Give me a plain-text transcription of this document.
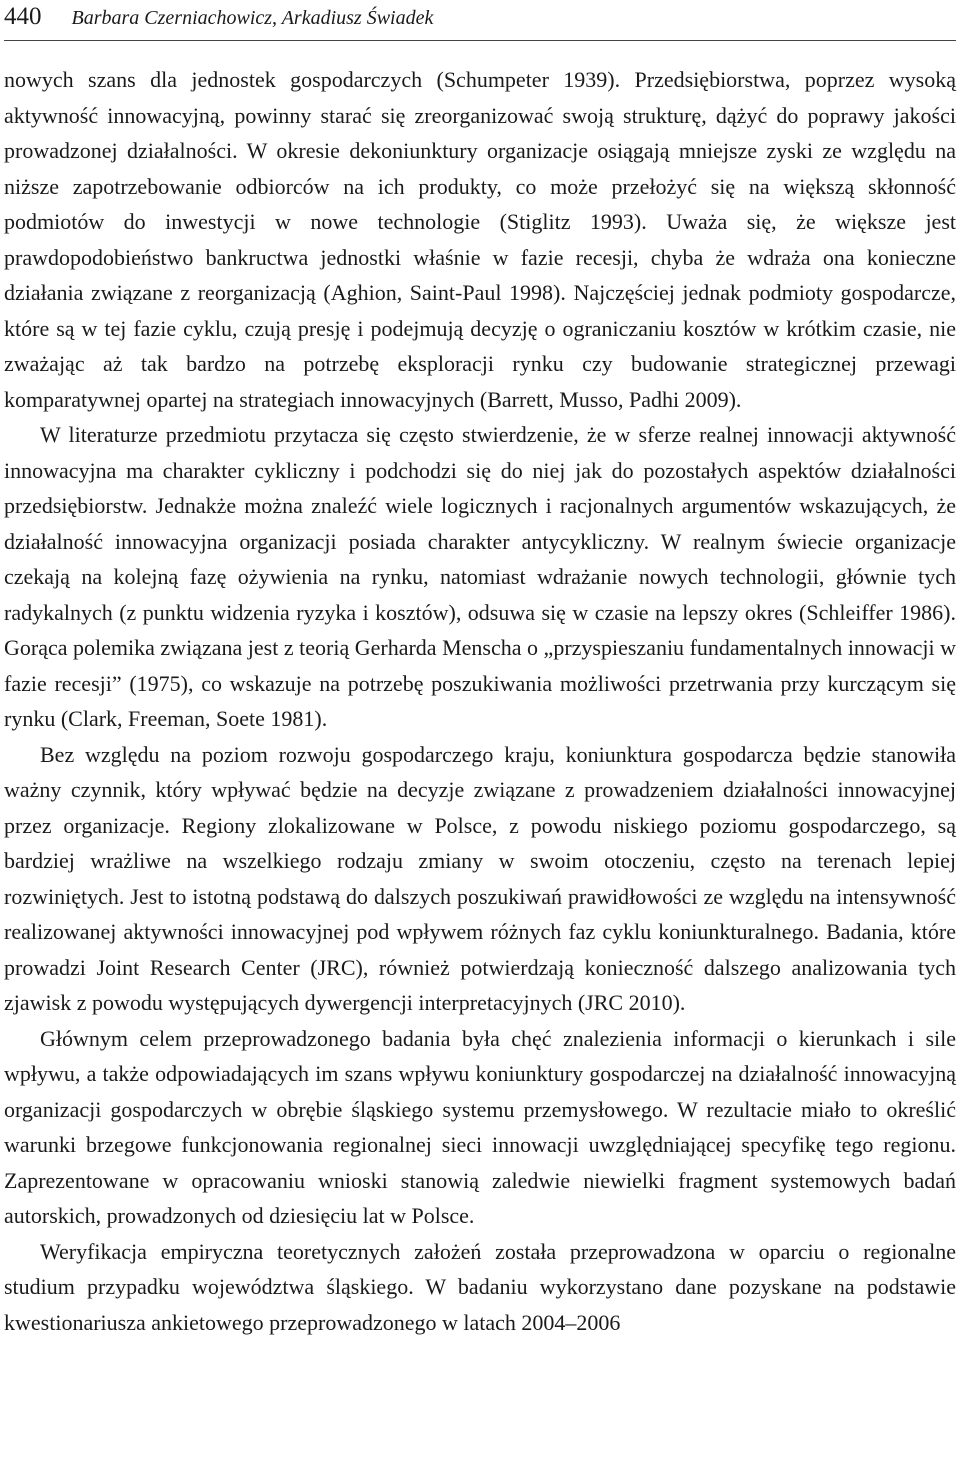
440 Barbara Czerniachowicz, Arkadiusz Świadek

nowych szans dla jednostek gospodarczych (Schumpeter 1939). Przedsiębiorstwa, poprzez wysoką aktywność innowacyjną, powinny starać się zreorganizować swoją strukturę, dążyć do poprawy jakości prowadzonej działalności. W okresie dekoniunktury organizacje osiągają mniejsze zyski ze względu na niższe zapotrzebowanie odbiorców na ich produkty, co może przełożyć się na większą skłonność podmiotów do inwestycji w nowe technologie (Stiglitz 1993). Uważa się, że większe jest prawdopodobieństwo bankructwa jednostki właśnie w fazie recesji, chyba że wdraża ona konieczne działania związane z reorganizacją (Aghion, Saint-Paul 1998). Najczęściej jednak podmioty gospodarcze, które są w tej fazie cyklu, czują presję i podejmują decyzję o ograniczaniu kosztów w krótkim czasie, nie zważając aż tak bardzo na potrzebę eksploracji rynku czy budowanie strategicznej przewagi komparatywnej opartej na strategiach innowacyjnych (Barrett, Musso, Padhi 2009).

W literaturze przedmiotu przytacza się często stwierdzenie, że w sferze realnej innowacji aktywność innowacyjna ma charakter cykliczny i podchodzi się do niej jak do pozostałych aspektów działalności przedsiębiorstw. Jednakże można znaleźć wiele logicznych i racjonalnych argumentów wskazujących, że działalność innowacyjna organizacji posiada charakter antycykliczny. W realnym świecie organizacje czekają na kolejną fazę ożywienia na rynku, natomiast wdrażanie nowych technologii, głównie tych radykalnych (z punktu widzenia ryzyka i kosztów), odsuwa się w czasie na lepszy okres (Schleiffer 1986). Gorąca polemika związana jest z teorią Gerharda Menscha o „przyspieszaniu fundamentalnych innowacji w fazie recesji” (1975), co wskazuje na potrzebę poszukiwania możliwości przetrwania przy kurczącym się rynku (Clark, Freeman, Soete 1981).

Bez względu na poziom rozwoju gospodarczego kraju, koniunktura gospodarcza będzie stanowiła ważny czynnik, który wpływać będzie na decyzje związane z prowadzeniem działalności innowacyjnej przez organizacje. Regiony zlokalizowane w Polsce, z powodu niskiego poziomu gospodarczego, są bardziej wrażliwe na wszelkiego rodzaju zmiany w swoim otoczeniu, często na terenach lepiej rozwiniętych. Jest to istotną podstawą do dalszych poszukiwań prawidłowości ze względu na intensywność realizowanej aktywności innowacyjnej pod wpływem różnych faz cyklu koniunkturalnego. Badania, które prowadzi Joint Research Center (JRC), również potwierdzają konieczność dalszego analizowania tych zjawisk z powodu występujących dywergencji interpretacyjnych (JRC 2010).

Głównym celem przeprowadzonego badania była chęć znalezienia informacji o kierunkach i sile wpływu, a także odpowiadających im szans wpływu koniunktury gospodarczej na działalność innowacyjną organizacji gospodarczych w obrębie śląskiego systemu przemysłowego. W rezultacie miało to określić warunki brzegowe funkcjonowania regionalnej sieci innowacji uwzględniającej specyfikę tego regionu. Zaprezentowane w opracowaniu wnioski stanowią zaledwie niewielki fragment systemowych badań autorskich, prowadzonych od dziesięciu lat w Polsce.

Weryfikacja empiryczna teoretycznych założeń została przeprowadzona w oparciu o regionalne studium przypadku województwa śląskiego. W badaniu wykorzystano dane pozyskane na podstawie kwestionariusza ankietowego przeprowadzonego w latach 2004–2006
